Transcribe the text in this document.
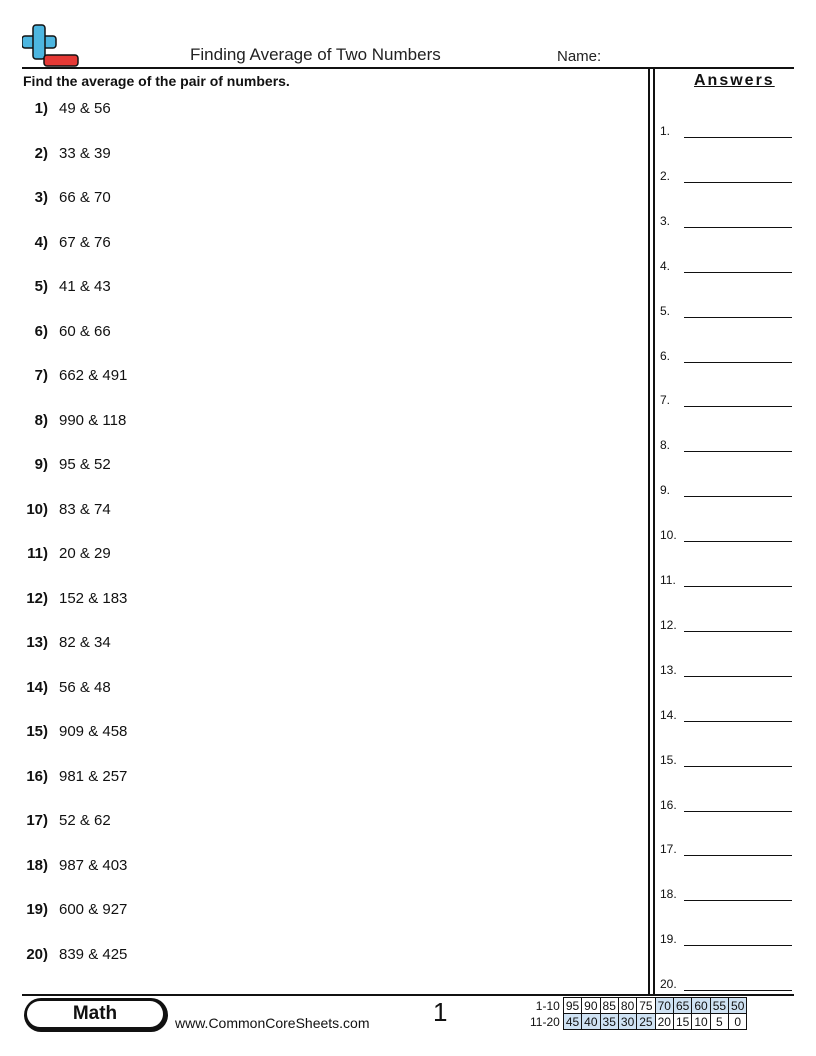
Finding Average of Two Numbers	Name:
Find the average of the pair of numbers.	Answers
1) 49 & 56
2) 33 & 39
3) 66 & 70
4) 67 & 76
5) 41 & 43
6) 60 & 66
7) 662 & 491
8) 990 & 118
9) 95 & 52
10) 83 & 74
11) 20 & 29
12) 152 & 183
13) 82 & 34
14) 56 & 48
15) 909 & 458
16) 981 & 257
17) 52 & 62
18) 987 & 403
19) 600 & 927
20) 839 & 425
1.
2.
3.
4.
5.
6.
7.
8.
9.
10.
11.
12.
13.
14.
15.
16.
17.
18.
19.
20.
Math	www.CommonCoreSheets.com 1	1-10	95	90	85	80	75	70	65	60	55	50
11-20	45	40	35	30	25	20	15	10	5	0
